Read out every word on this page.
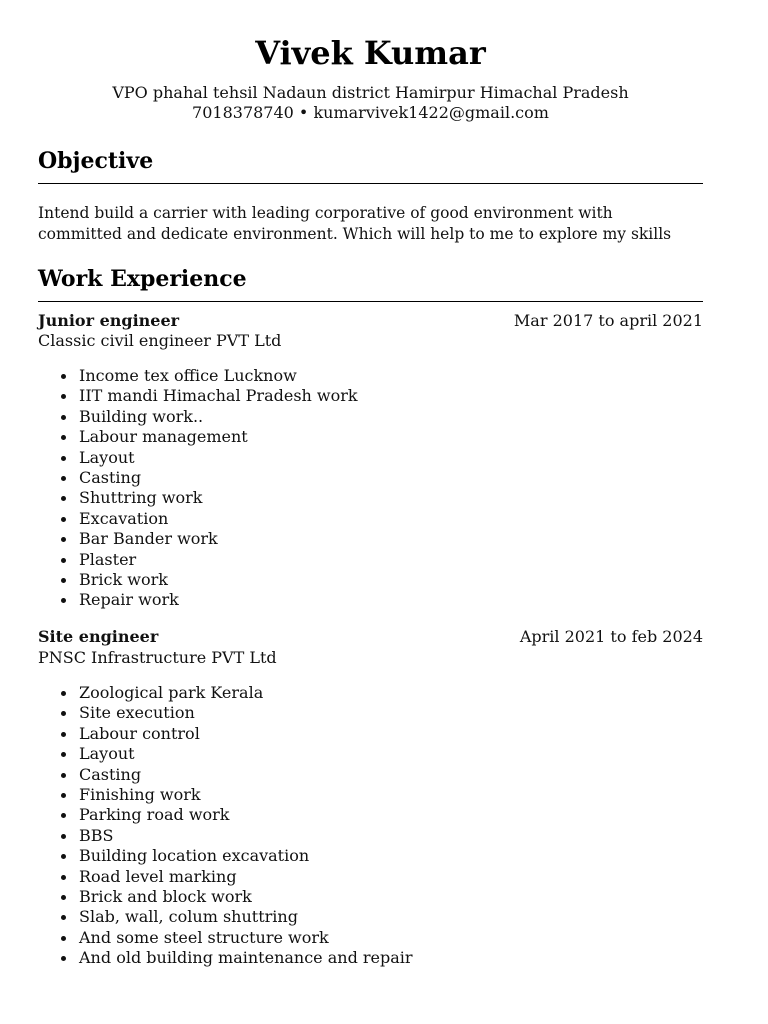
Vivek Kumar
VPO phahal tehsil Nadaun district Hamirpur Himachal Pradesh
7018378740 • kumarvivek1422@gmail.com
Objective
Intend build a carrier with leading corporative of good environment with
committed and dedicate environment. Which will help to me to explore my skills
Work Experience
Junior engineer	Mar 2017 to april 2021
Classic civil engineer PVT Ltd
Income tex office Lucknow
IIT mandi Himachal Pradesh work
Building work..
Labour management
Layout
Casting
Shuttring work
Excavation
Bar Bander work
Plaster
Brick work
Repair work
Site engineer	April 2021 to feb 2024
PNSC Infrastructure PVT Ltd
Zoological park Kerala
Site execution
Labour control
Layout
Casting
Finishing work
Parking road work
BBS
Building location excavation
Road level marking
Brick and block work
Slab, wall, colum shuttring
And some steel structure work
And old building maintenance and repair
